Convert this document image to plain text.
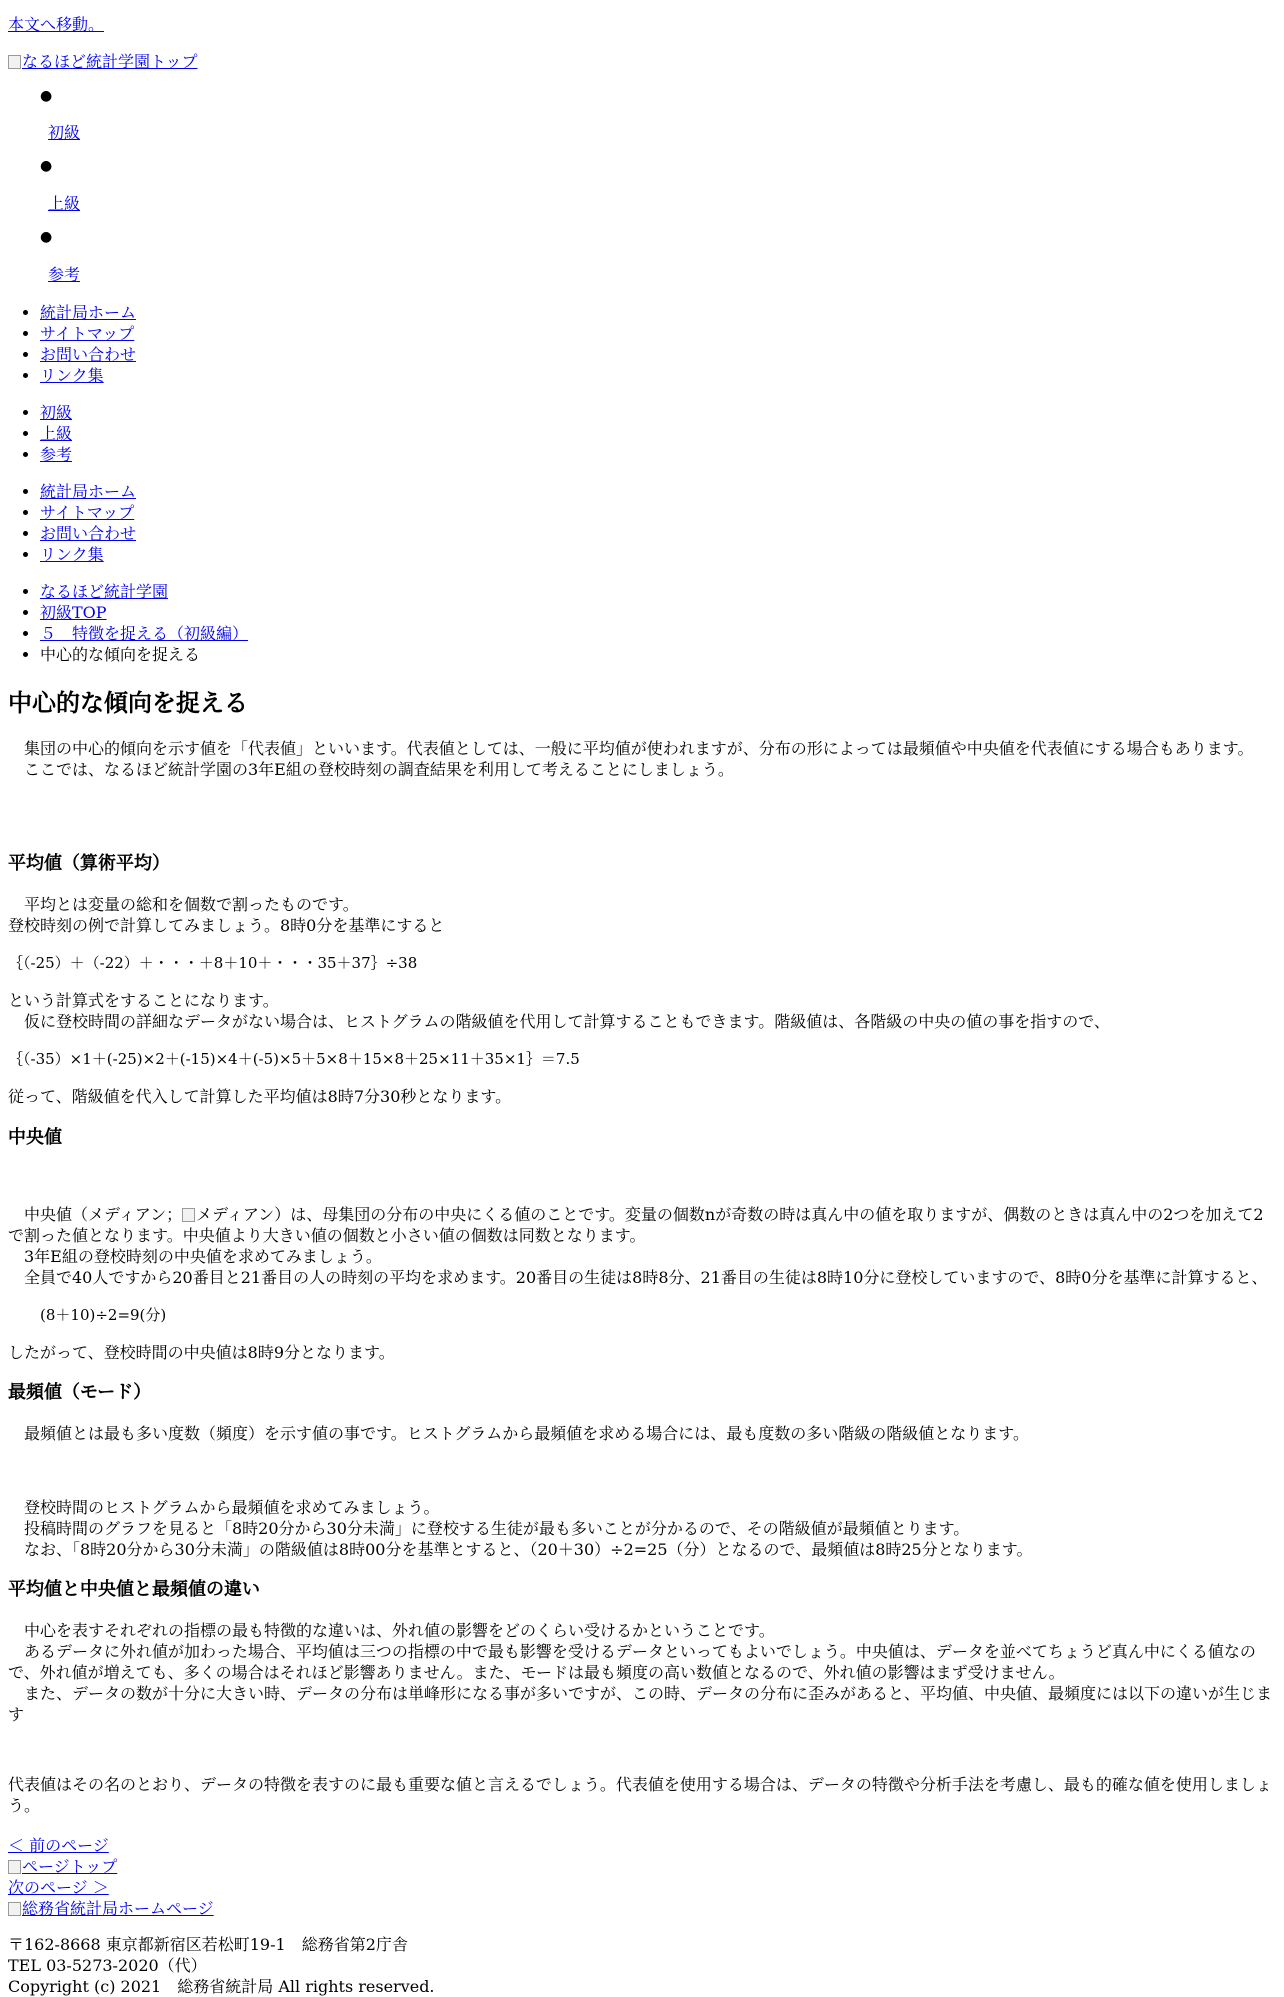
本文へ移動。
なるほど統計学園トップ
●
初級
●
上級
●
参考
• 統計局ホーム
• サイトマップ
• お問い合わせ
• リンク集
• 初級
• 上級
• 参考
• 統計局ホーム
• サイトマップ
• お問い合わせ
• リンク集
• なるほど統計学園
• 初級TOP
• ５　特徴を捉える（初級編）
• 中心的な傾向を捉える
中心的な傾向を捉える

　集団の中心的傾向を示す値を「代表値」といいます。代表値としては、一般に平均値が使われますが、分布の形によっては最頻値や中央値を代表値にする場合もあります。

　ここでは、なるほど統計学園の3年E組の登校時刻の調査結果を利用して考えることにしましょう。

平均値（算術平均）

　平均とは変量の総和を個数で割ったものです。

登校時刻の例で計算してみましょう。8時0分を基準にすると

｛（-25）＋（-22）＋・・・＋8＋10＋・・・35＋37｝÷38

という計算式をすることになります。

　仮に登校時間の詳細なデータがない場合は、ヒストグラムの階級値を代用して計算することもできます。階級値は、各階級の中央の値の事を指すので、

｛（-35）×1＋(-25)×2＋(-15)×4＋(-5)×5＋5×8＋15×8＋25×11＋35×1｝＝7.5
従って、階級値を代入して計算した平均値は8時7分30秒となります。
中央値

　中央値（メディアン； メディアン）は、母集団の分布の中央にくる値のことです。変量の個数nが奇数の時は真ん中の値を取りますが、偶数のときは真ん中の2つを加えて2で割った値となります。中央値より大きい値の個数と小さい値の個数は同数となります。

　3年E組の登校時刻の中央値を求めてみましょう。

　全員で40人ですから20番目と21番目の人の時刻の平均を求めます。20番目の生徒は8時8分、21番目の生徒は8時10分に登校していますので、8時0分を基準に計算すると、

(8＋10)÷2=9(分)
したがって、登校時間の中央値は8時9分となります。
最頻値（モード）
　最頻値とは最も多い度数（頻度）を示す値の事です。ヒストグラムから最頻値を求める場合には、最も度数の多い階級の階級値となります。

　登校時間のヒストグラムから最頻値を求めてみましょう。

　投稿時間のグラフを見ると「8時20分から30分未満」に登校する生徒が最も多いことが分かるので、その階級値が最頻値とります。

　なお、「8時20分から30分未満」の階級値は8時00分を基準とすると、（20＋30）÷2=25（分）となるので、最頻値は8時25分となります。

平均値と中央値と最頻値の違い

　中心を表すそれぞれの指標の最も特徴的な違いは、外れ値の影響をどのくらい受けるかということです。

　あるデータに外れ値が加わった場合、平均値は三つの指標の中で最も影響を受けるデータといってもよいでしょう。中央値は、データを並べてちょうど真ん中にくる値なので、外れ値が増えても、多くの場合はそれほど影響ありません。また、モードは最も頻度の高い数値となるので、外れ値の影響はまず受けません。

　また、データの数が十分に大きい時、データの分布は単峰形になる事が多いですが、この時、データの分布に歪みがあると、平均値、中央値、最頻度には以下の違いが生じます

代表値はその名のとおり、データの特徴を表すのに最も重要な値と言えるでしょう。代表値を使用する場合は、データの特徴や分析手法を考慮し、最も的確な値を使用しましょう。
＜ 前のページ
ページトップ
次のページ ＞
総務省統計局ホームページ

〒162-8668 東京都新宿区若松町19-1　総務省第2庁舎

TEL 03-5273-2020（代）

Copyright (c) 2021　総務省統計局 All rights reserved.
